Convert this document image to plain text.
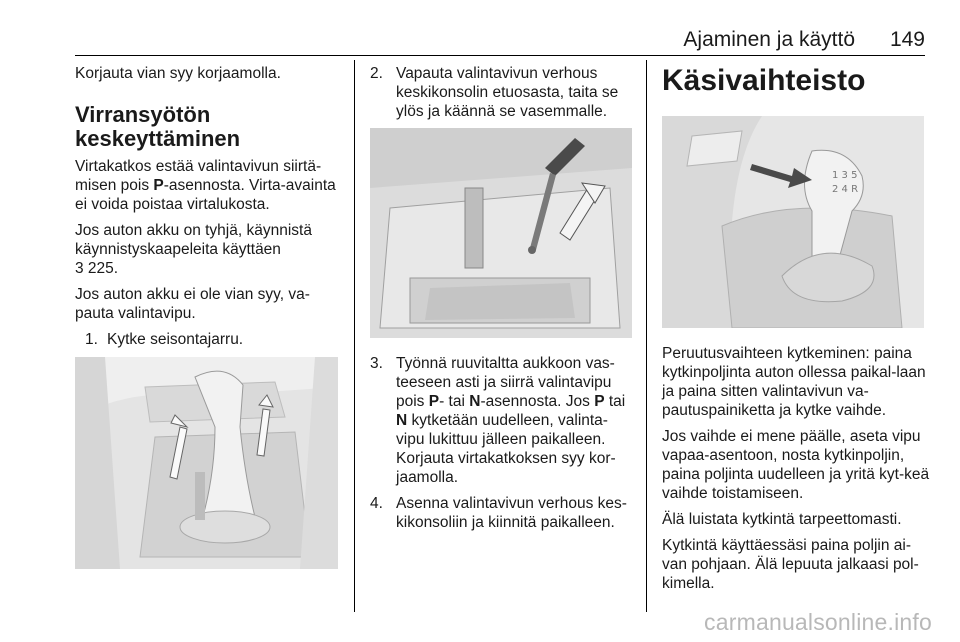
Ajaminen ja käyttö 149

Korjauta vian syy korjaamolla.

Virransyötön keskeyttäminen

Virtakatkos estää valintavivun siirtä-misen pois P-asennosta. Virta-avainta ei voida poistaa virtalukosta.

Jos auton akku on tyhjä, käynnistä käynnistyskaapeleita käyttäen
3 225.

Jos auton akku ei ole vian syy, va-pauta valintavipu.

1. Kytke seisontajarru.
2. Vapauta valintavivun verhous keskikonsolin etuosasta, taita se ylös ja käännä se vasemmalle.
3. Työnnä ruuvitaltta aukkoon vas-teeseen asti ja siirrä valintavipu pois P- tai N-asennosta. Jos P tai N kytketään uudelleen, valinta-vipu lukittuu jälleen paikalleen. Korjauta virtakatkoksen syy kor-jaamolla.
4. Asenna valintavivun verhous kes-kikonsoliin ja kiinnitä paikalleen.
Käsivaihteisto
1 3 5
2 4 R

Peruutusvaihteen kytkeminen: paina kytkinpoljinta auton ollessa paikal-laan ja paina sitten valintavivun va-pautuspainiketta ja kytke vaihde.

Jos vaihde ei mene päälle, aseta vipu vapaa-asentoon, nosta kytkinpoljin, paina poljinta uudelleen ja yritä kyt-keä vaihde toistamiseen.

Älä luistata kytkintä tarpeettomasti.

Kytkintä käyttäessäsi paina poljin ai-van pohjaan. Älä lepuuta jalkaasi pol-kimella.

carmanualsonline.info
